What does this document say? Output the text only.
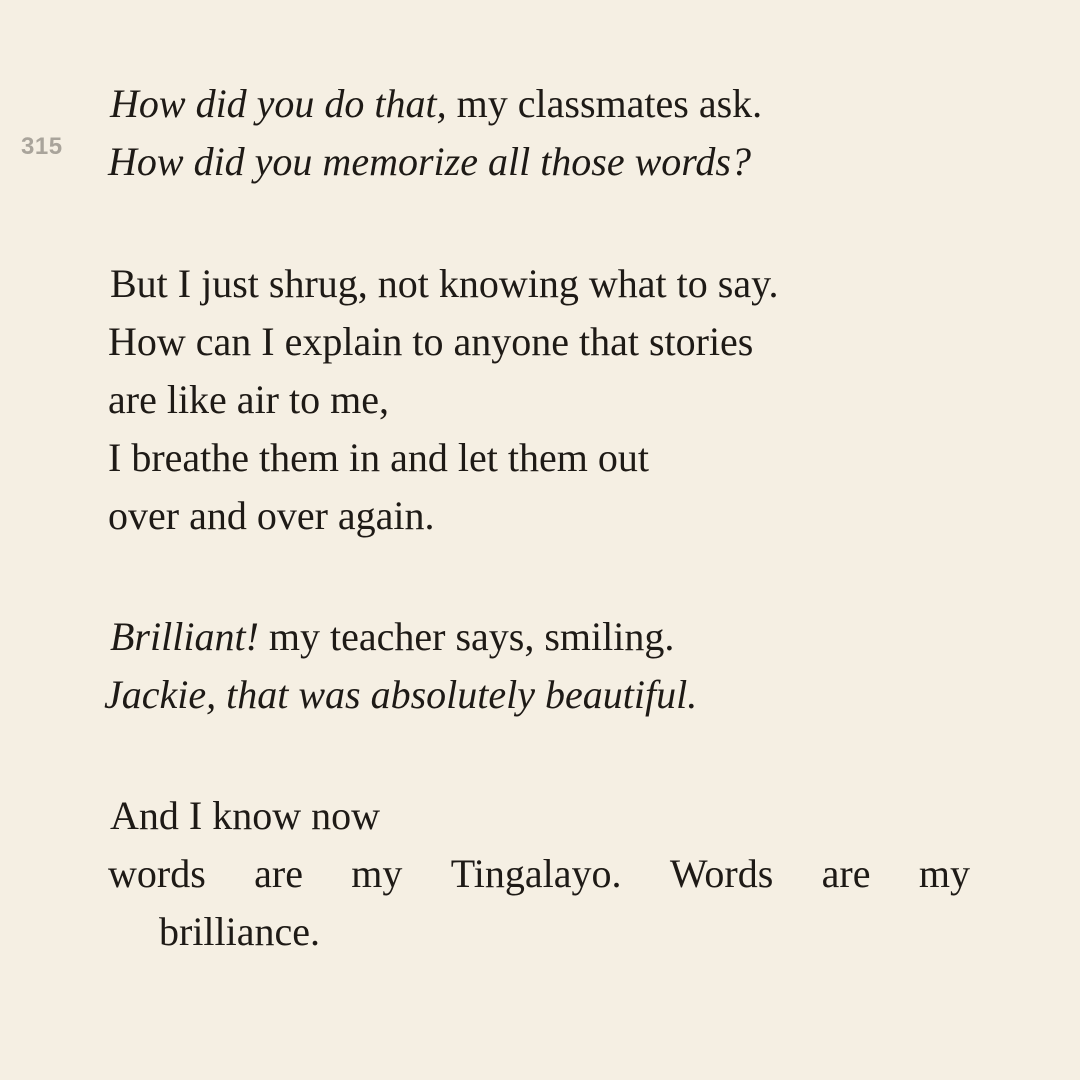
315
How did you do that, my classmates ask.
How did you memorize all those words?
But I just shrug, not knowing what to say.
How can I explain to anyone that stories
are like air to me,
I breathe them in and let them out
over and over again.
Brilliant! my teacher says, smiling.
Jackie, that was absolutely beautiful.
And I know now
words are my Tingalayo. Words are my
brilliance.
